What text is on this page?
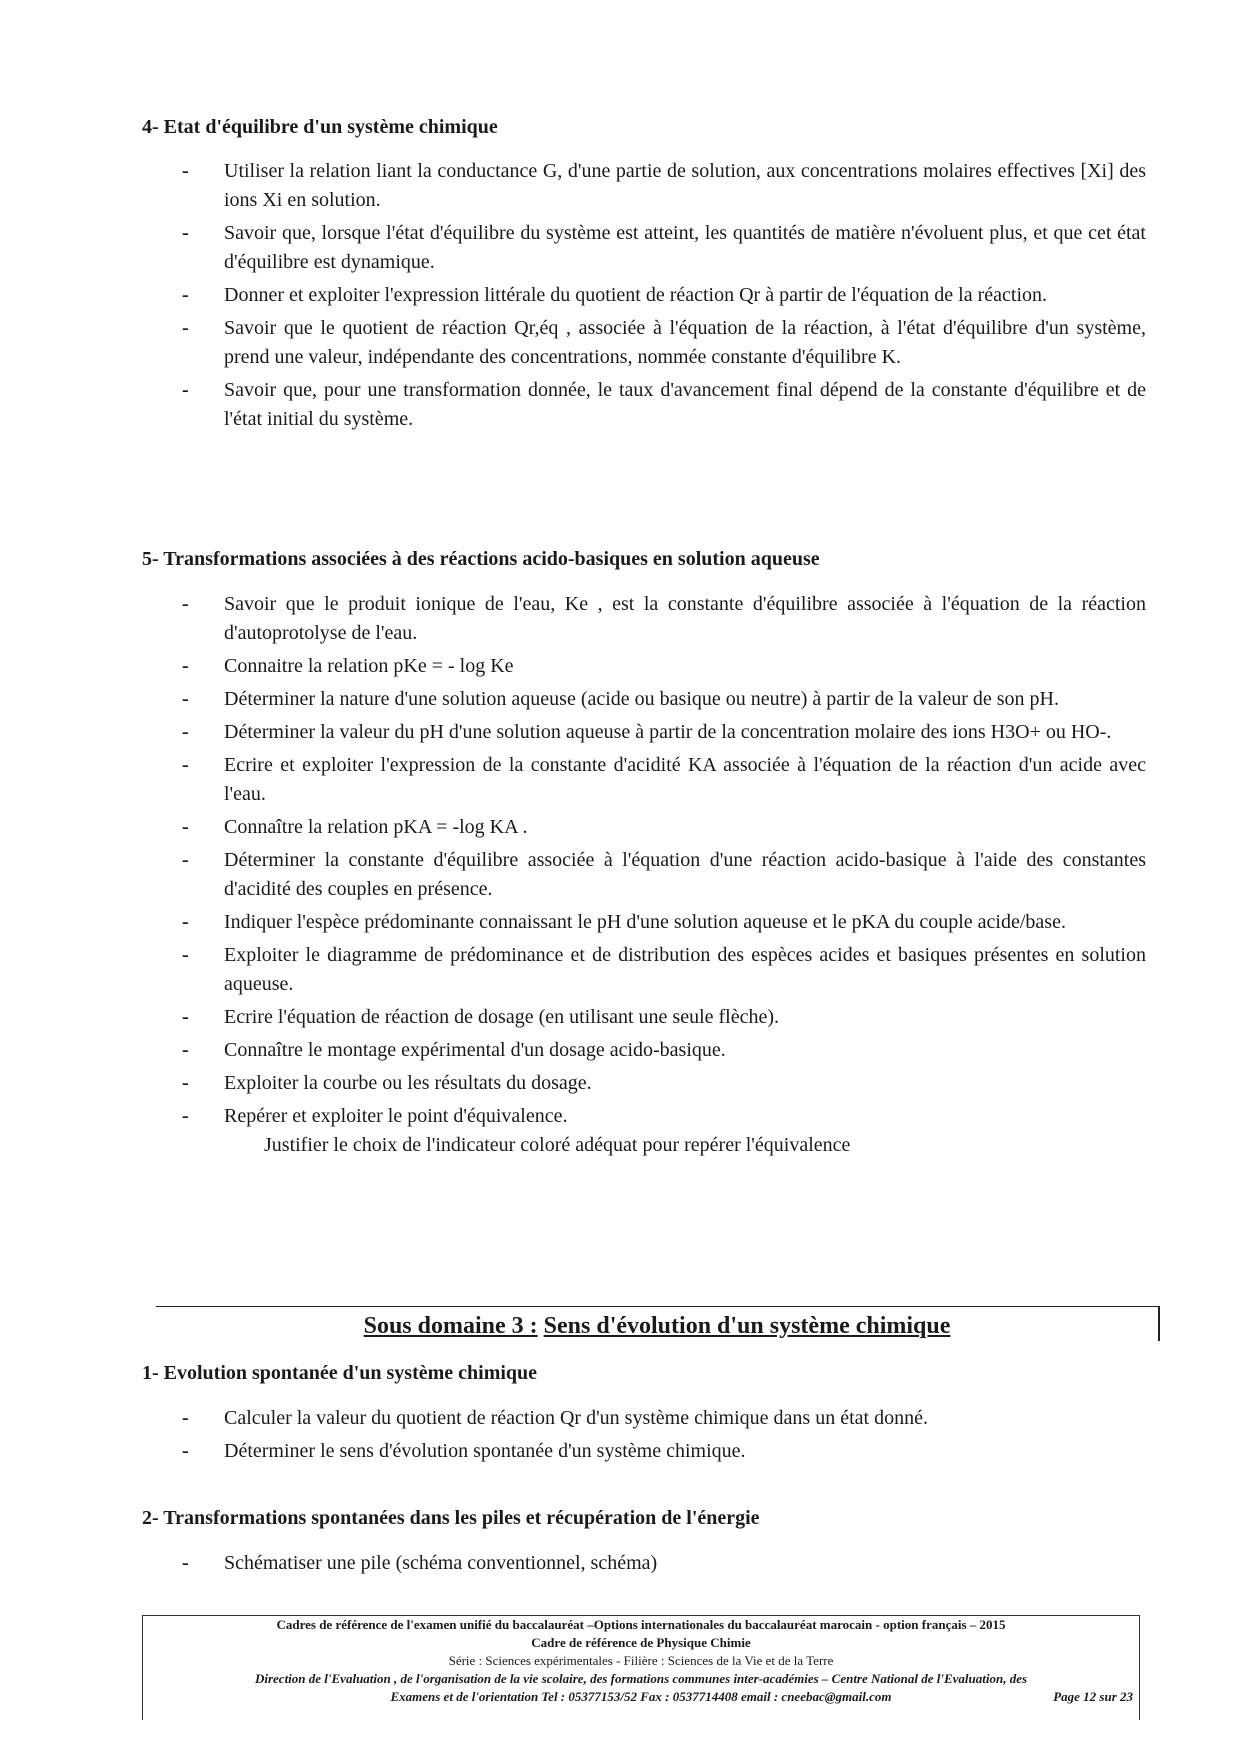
4- Etat d'équilibre d'un système chimique
- Utiliser la relation liant la conductance G, d'une partie de solution, aux concentrations molaires effectives [Xi] des ions Xi en solution.
- Savoir que, lorsque l'état d'équilibre du système est atteint, les quantités de matière n'évoluent plus, et que cet état d'équilibre est dynamique.
- Donner et exploiter l'expression littérale du quotient de réaction Qr à partir de l'équation de la réaction.
- Savoir que le quotient de réaction Qr,éq , associée à l'équation de la réaction, à l'état d'équilibre d'un système, prend une valeur, indépendante des concentrations, nommée constante d'équilibre K.
- Savoir que, pour une transformation donnée, le taux d'avancement final dépend de la constante d'équilibre et de l'état initial du système.
5- Transformations associées à des réactions acido-basiques en solution aqueuse
- Savoir que le produit ionique de l'eau, Ke , est la constante d'équilibre associée à l'équation de la réaction d'autoprotolyse de l'eau.
- Connaitre la relation pKe = - log Ke
- Déterminer la nature d'une solution aqueuse (acide ou basique ou neutre) à partir de la valeur de son pH.
- Déterminer la valeur du pH d'une solution aqueuse à partir de la concentration molaire des ions H3O+ ou HO-.
- Ecrire et exploiter l'expression de la constante d'acidité KA associée à l'équation de la réaction d'un acide avec l'eau.
- Connaître la relation pKA = -log KA .
- Déterminer la constante d'équilibre associée à l'équation d'une réaction acido-basique à l'aide des constantes d'acidité des couples en présence.
- Indiquer l'espèce prédominante connaissant le pH d'une solution aqueuse et le pKA du couple acide/base.
- Exploiter le diagramme de prédominance et de distribution des espèces acides et basiques présentes en solution aqueuse.
- Ecrire l'équation de réaction de dosage (en utilisant une seule flèche).
- Connaître le montage expérimental d'un dosage acido-basique.
- Exploiter la courbe ou les résultats du dosage.
- Repérer et exploiter le point d'équivalence.
Justifier le choix de l'indicateur coloré adéquat pour repérer l'équivalence
Sous domaine 3 : Sens d'évolution d'un système chimique
1- Evolution spontanée d'un système chimique
- Calculer la valeur du quotient de réaction Qr d'un système chimique dans un état donné.
- Déterminer le sens d'évolution spontanée d'un système chimique.
2- Transformations spontanées dans les piles et récupération de l'énergie
- Schématiser une pile (schéma conventionnel, schéma)
Cadres de référence de l'examen unifié du baccalauréat –Options internationales du baccalauréat marocain - option français – 2015
Cadre de référence de Physique Chimie
Série : Sciences expérimentales - Filière : Sciences de la Vie et de la Terre
Direction de l'Evaluation , de l'organisation de la vie scolaire, des formations communes inter-académies – Centre National de l'Evaluation, des
Examens et de l'orientation Tel : 05377153/52 Fax : 0537714408 email : cneebac@gmail.com	Page 12 sur 23
